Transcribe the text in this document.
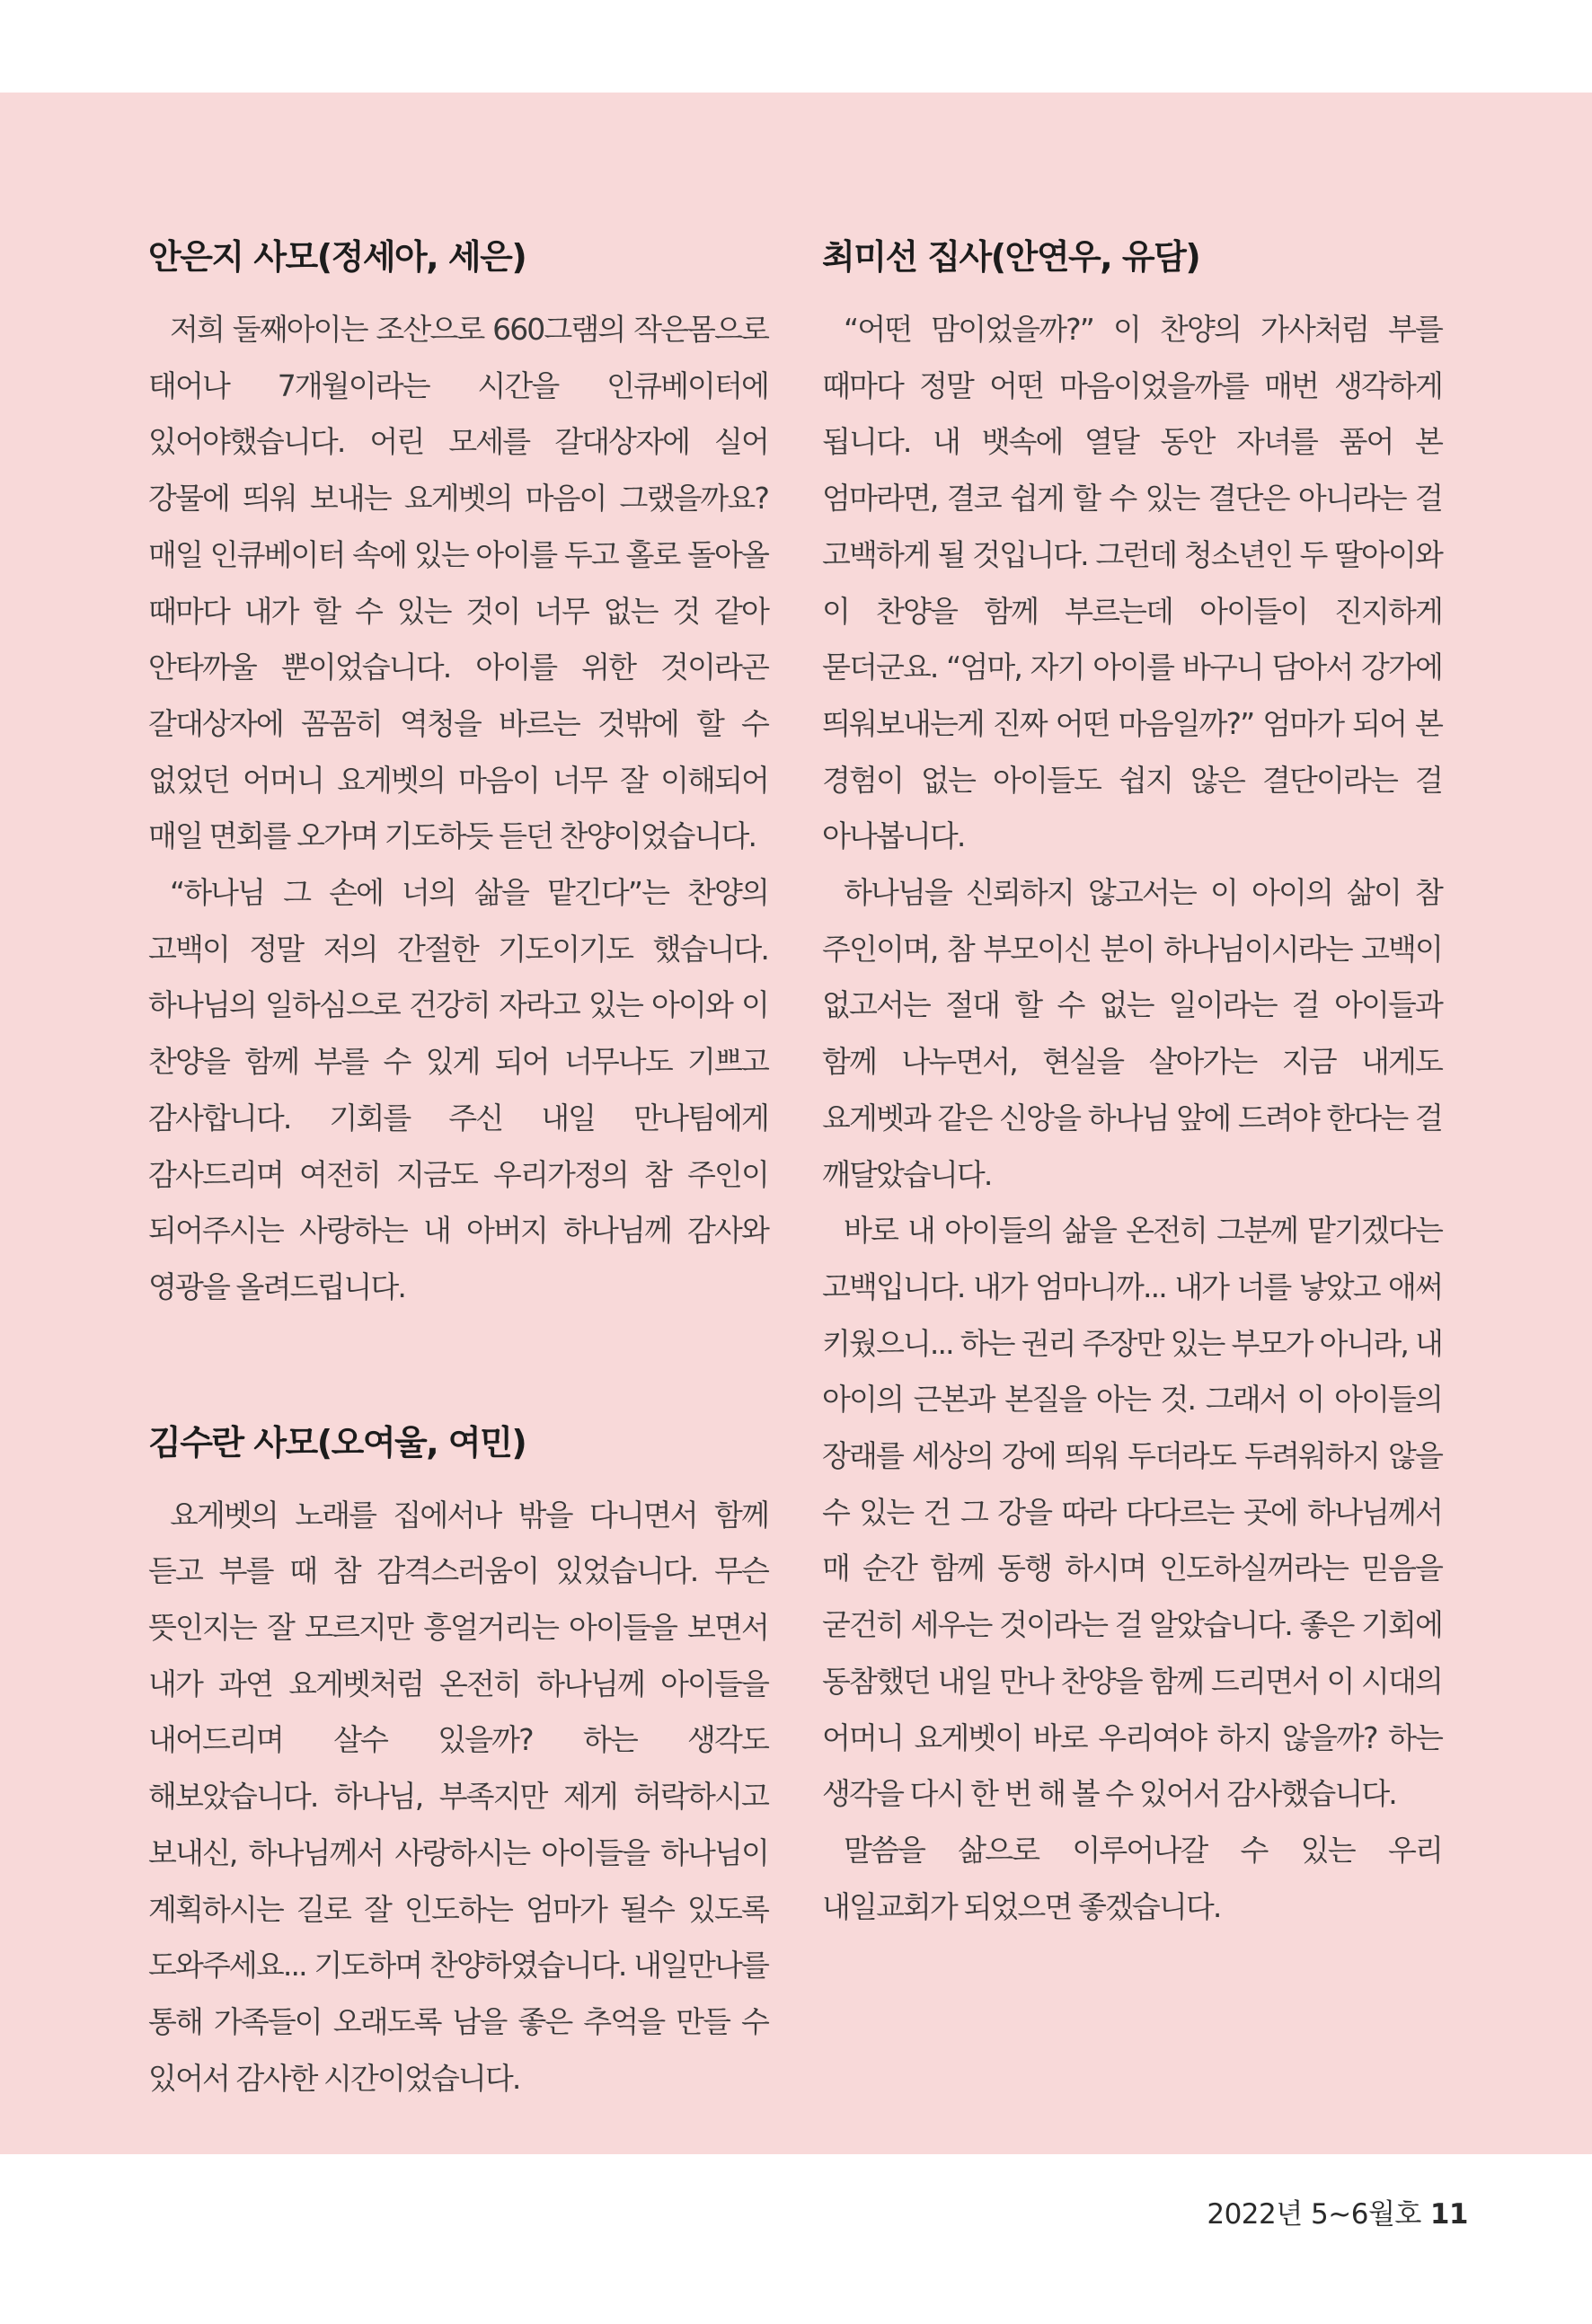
안은지 사모(정세아, 세은)

저희 둘째아이는 조산으로 660그램의 작은몸으로 태어나 7개월이라는 시간을 인큐베이터에 있어야했습니다. 어린 모세를 갈대상자에 실어 강물에 띄워 보내는 요게벳의 마음이 그랬을까요? 매일 인큐베이터 속에 있는 아이를 두고 홀로 돌아올 때마다 내가 할 수 있는 것이 너무 없는 것 같아 안타까울 뿐이었습니다. 아이를 위한 것이라곤 갈대상자에 꼼꼼히 역청을 바르는 것밖에 할 수 없었던 어머니 요게벳의 마음이 너무 잘 이해되어 매일 면회를 오가며 기도하듯 듣던 찬양이었습니다.

“하나님 그 손에 너의 삶을 맡긴다”는 찬양의 고백이 정말 저의 간절한 기도이기도 했습니다. 하나님의 일하심으로 건강히 자라고 있는 아이와 이 찬양을 함께 부를 수 있게 되어 너무나도 기쁘고 감사합니다. 기회를 주신 내일 만나팀에게 감사드리며 여전히 지금도 우리가정의 참 주인이 되어주시는 사랑하는 내 아버지 하나님께 감사와 영광을 올려드립니다.

김수란 사모(오여울, 여민)

요게벳의 노래를 집에서나 밖을 다니면서 함께 듣고 부를 때 참 감격스러움이 있었습니다. 무슨 뜻인지는 잘 모르지만 흥얼거리는 아이들을 보면서 내가 과연 요게벳처럼 온전히 하나님께 아이들을 내어드리며 살수 있을까? 하는 생각도 해보았습니다. 하나님, 부족지만 제게 허락하시고 보내신, 하나님께서 사랑하시는 아이들을 하나님이 계획하시는 길로 잘 인도하는 엄마가 될수 있도록 도와주세요... 기도하며 찬양하였습니다. 내일만나를 통해 가족들이 오래도록 남을 좋은 추억을 만들 수 있어서 감사한 시간이었습니다.

최미선 집사(안연우, 유담)

“어떤 맘이었을까?” 이 찬양의 가사처럼 부를 때마다 정말 어떤 마음이었을까를 매번 생각하게 됩니다. 내 뱃속에 열달 동안 자녀를 품어 본 엄마라면, 결코 쉽게 할 수 있는 결단은 아니라는 걸 고백하게 될 것입니다. 그런데 청소년인 두 딸아이와 이 찬양을 함께 부르는데 아이들이 진지하게 묻더군요. “엄마, 자기 아이를 바구니 담아서 강가에 띄워보내는게 진짜 어떤 마음일까?” 엄마가 되어 본 경험이 없는 아이들도 쉽지 않은 결단이라는 걸 아나봅니다.

하나님을 신뢰하지 않고서는 이 아이의 삶이 참 주인이며, 참 부모이신 분이 하나님이시라는 고백이 없고서는 절대 할 수 없는 일이라는 걸 아이들과 함께 나누면서, 현실을 살아가는 지금 내게도 요게벳과 같은 신앙을 하나님 앞에 드려야 한다는 걸 깨달았습니다.

바로 내 아이들의 삶을 온전히 그분께 맡기겠다는 고백입니다. 내가 엄마니까... 내가 너를 낳았고 애써 키웠으니... 하는 권리 주장만 있는 부모가 아니라, 내 아이의 근본과 본질을 아는 것. 그래서 이 아이들의 장래를 세상의 강에 띄워 두더라도 두려워하지 않을 수 있는 건 그 강을 따라 다다르는 곳에 하나님께서 매 순간 함께 동행 하시며 인도하실꺼라는 믿음을 굳건히 세우는 것이라는 걸 알았습니다. 좋은 기회에 동참했던 내일 만나 찬양을 함께 드리면서 이 시대의 어머니 요게벳이 바로 우리여야 하지 않을까? 하는 생각을 다시 한 번 해 볼 수 있어서 감사했습니다.

말씀을 삶으로 이루어나갈 수 있는 우리 내일교회가 되었으면 좋겠습니다.

2022년 5~6월호 11
